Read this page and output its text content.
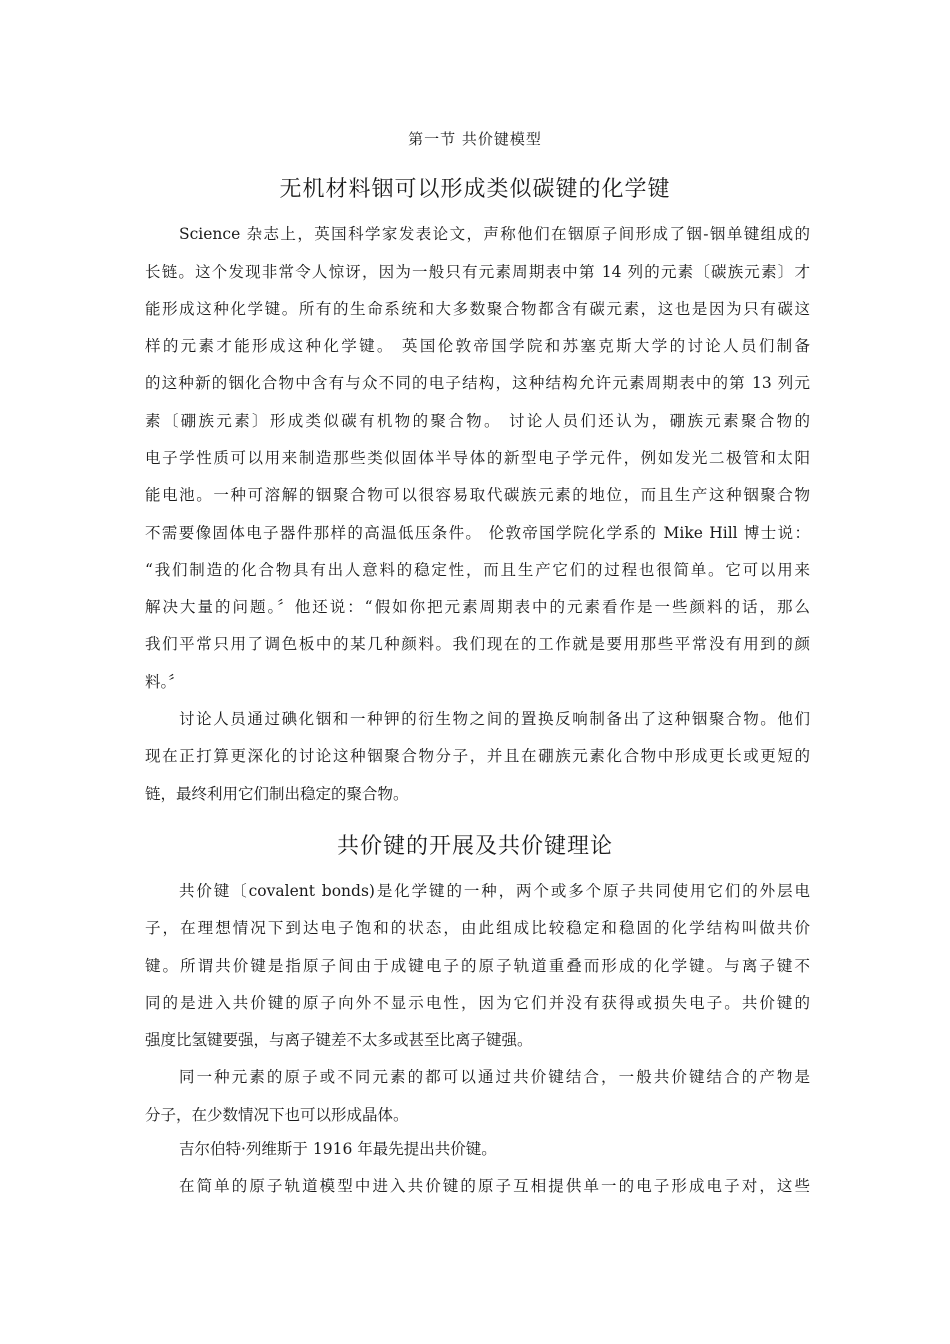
第一节 共价键模型
无机材料铟可以形成类似碳键的化学键
Science 杂志上，英国科学家发表论文，声称他们在铟原子间形成了铟-铟单键组成的
长链。这个发现非常令人惊讶，因为一般只有元素周期表中第 14 列的元素〔碳族元素〕才
能形成这种化学键。所有的生命系统和大多数聚合物都含有碳元素，这也是因为只有碳这
样的元素才能形成这种化学键。 英国伦敦帝国学院和苏塞克斯大学的讨论人员们制备
的这种新的铟化合物中含有与众不同的电子结构，这种结构允许元素周期表中的第 13 列元
素〔硼族元素〕形成类似碳有机物的聚合物。 讨论人员们还认为，硼族元素聚合物的
电子学性质可以用来制造那些类似固体半导体的新型电子学元件，例如发光二极管和太阳
能电池。一种可溶解的铟聚合物可以很容易取代碳族元素的地位，而且生产这种铟聚合物
不需要像固体电子器件那样的高温低压条件。 伦敦帝国学院化学系的 Mike Hill 博士说：
“我们制造的化合物具有出人意料的稳定性，而且生产它们的过程也很简单。它可以用来
解决大量的问题。〞他还说：“假如你把元素周期表中的元素看作是一些颜料的话，那么
我们平常只用了调色板中的某几种颜料。我们现在的工作就是要用那些平常没有用到的颜
料。〞
讨论人员通过碘化铟和一种钾的衍生物之间的置换反响制备出了这种铟聚合物。他们
现在正打算更深化的讨论这种铟聚合物分子，并且在硼族元素化合物中形成更长或更短的
链，最终利用它们制出稳定的聚合物。
共价键的开展及共价键理论
共价键〔covalent bonds)是化学键的一种，两个或多个原子共同使用它们的外层电
子，在理想情况下到达电子饱和的状态，由此组成比较稳定和稳固的化学结构叫做共价
键。所谓共价键是指原子间由于成键电子的原子轨道重叠而形成的化学键。与离子键不
同的是进入共价键的原子向外不显示电性，因为它们并没有获得或损失电子。共价键的
强度比氢键要强，与离子键差不太多或甚至比离子键强。
同一种元素的原子或不同元素的都可以通过共价键结合，一般共价键结合的产物是
分子，在少数情况下也可以形成晶体。
吉尔伯特·列维斯于 1916 年最先提出共价键。
在简单的原子轨道模型中进入共价键的原子互相提供单一的电子形成电子对，这些
